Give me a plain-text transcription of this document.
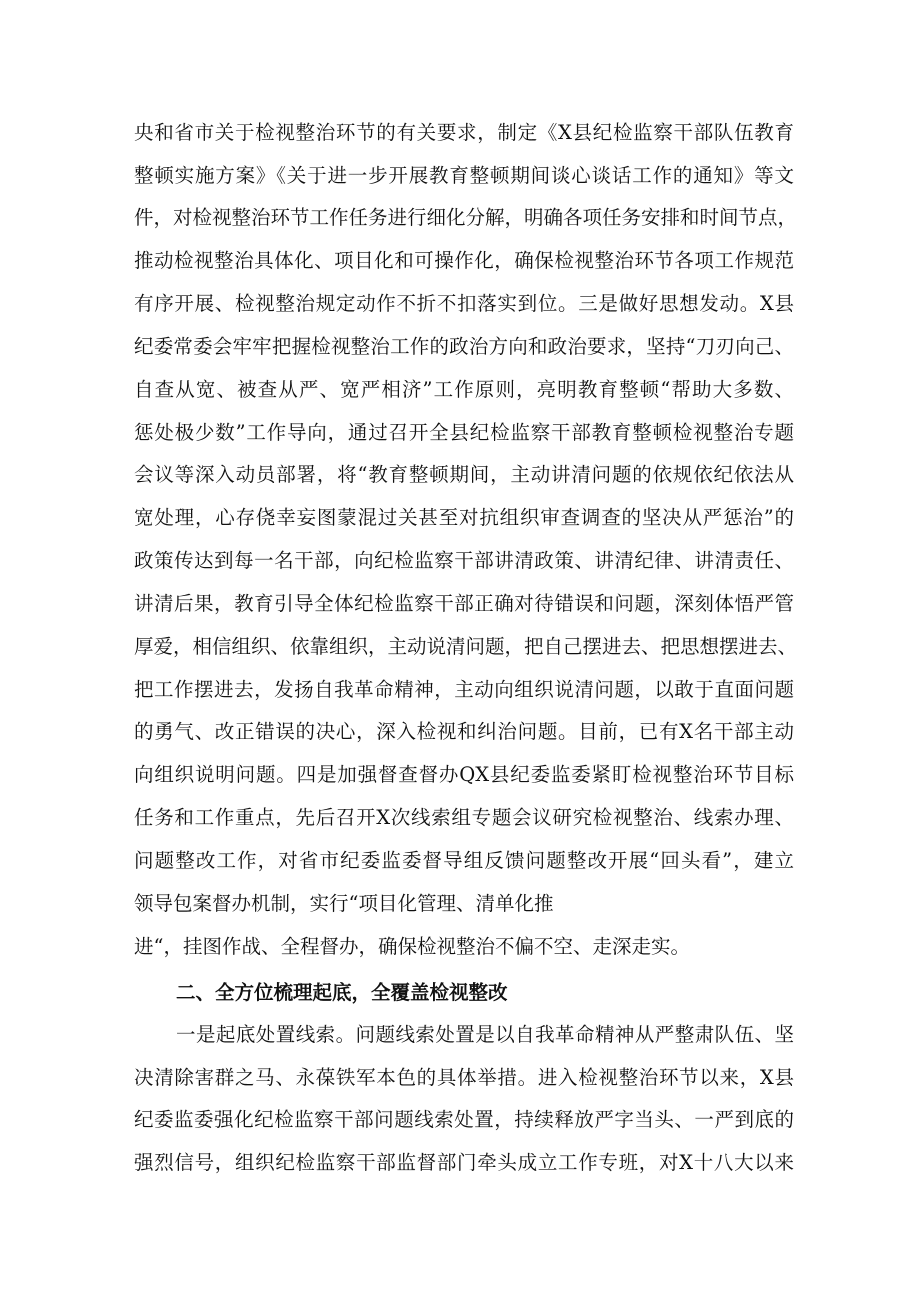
央和省市关于检视整治环节的有关要求，制定《X县纪检监察干部队伍教育
整顿实施方案》《关于进一步开展教育整顿期间谈心谈话工作的通知》等文
件，对检视整治环节工作任务进行细化分解，明确各项任务安排和时间节点，
推动检视整治具体化、项目化和可操作化，确保检视整治环节各项工作规范
有序开展、检视整治规定动作不折不扣落实到位。三是做好思想发动。X县
纪委常委会牢牢把握检视整治工作的政治方向和政治要求，坚持“刀刃向己、
自查从宽、被查从严、宽严相济”工作原则，亮明教育整顿“帮助大多数、
惩处极少数”工作导向，通过召开全县纪检监察干部教育整顿检视整治专题
会议等深入动员部署，将“教育整顿期间，主动讲清问题的依规依纪依法从
宽处理，心存侥幸妄图蒙混过关甚至对抗组织审查调查的坚决从严惩治”的
政策传达到每一名干部，向纪检监察干部讲清政策、讲清纪律、讲清责任、
讲清后果，教育引导全体纪检监察干部正确对待错误和问题，深刻体悟严管
厚爱，相信组织、依靠组织，主动说清问题，把自己摆进去、把思想摆进去、
把工作摆进去，发扬自我革命精神，主动向组织说清问题，以敢于直面问题
的勇气、改正错误的决心，深入检视和纠治问题。目前，已有X名干部主动
向组织说明问题。四是加强督查督办QX县纪委监委紧盯检视整治环节目标
任务和工作重点，先后召开X次线索组专题会议研究检视整治、线索办理、
问题整改工作，对省市纪委监委督导组反馈问题整改开展“回头看”，建立
领导包案督办机制，实行“项目化管理、清单化推
进“，挂图作战、全程督办，确保检视整治不偏不空、走深走实。
二、全方位梳理起底，全覆盖检视整改
一是起底处置线索。问题线索处置是以自我革命精神从严整肃队伍、坚
决清除害群之马、永葆铁军本色的具体举措。进入检视整治环节以来，X县
纪委监委强化纪检监察干部问题线索处置，持续释放严字当头、一严到底的
强烈信号，组织纪检监察干部监督部门牵头成立工作专班，对X十八大以来
